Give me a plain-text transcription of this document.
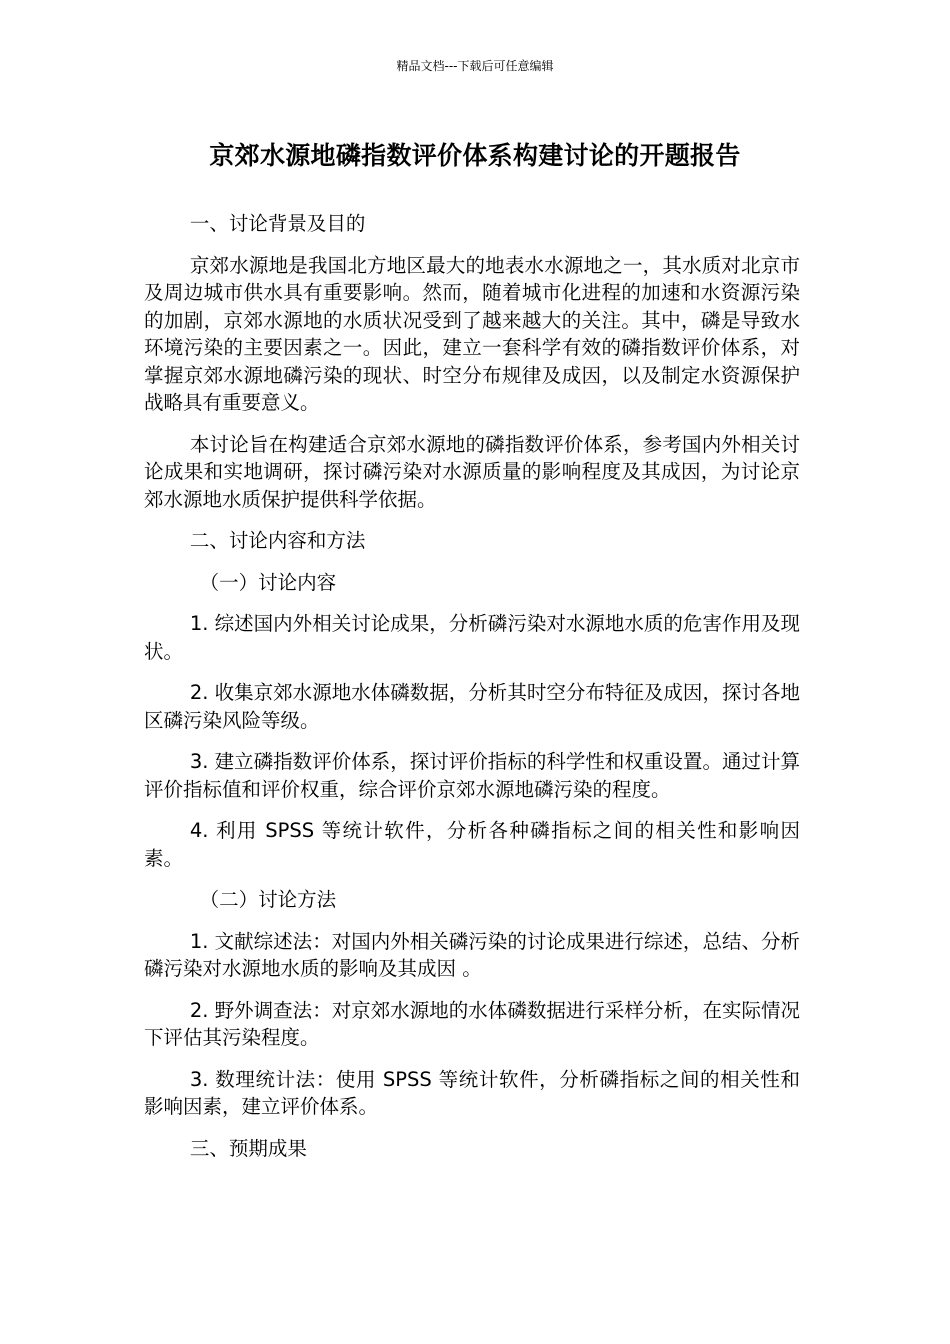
精品文档---下载后可任意编辑
京郊水源地磷指数评价体系构建讨论的开题报告

一、讨论背景及目的

京郊水源地是我国北方地区最大的地表水水源地之一，其水质对北京市及周边城市供水具有重要影响。然而，随着城市化进程的加速和水资源污染的加剧，京郊水源地的水质状况受到了越来越大的关注。其中，磷是导致水环境污染的主要因素之一。因此，建立一套科学有效的磷指数评价体系，对掌握京郊水源地磷污染的现状、时空分布规律及成因，以及制定水资源保护战略具有重要意义。

本讨论旨在构建适合京郊水源地的磷指数评价体系，参考国内外相关讨论成果和实地调研，探讨磷污染对水源质量的影响程度及其成因，为讨论京郊水源地水质保护提供科学依据。

二、讨论内容和方法

（一）讨论内容

1. 综述国内外相关讨论成果，分析磷污染对水源地水质的危害作用及现状。

2. 收集京郊水源地水体磷数据，分析其时空分布特征及成因，探讨各地区磷污染风险等级。

3. 建立磷指数评价体系，探讨评价指标的科学性和权重设置。通过计算评价指标值和评价权重，综合评价京郊水源地磷污染的程度。

4. 利用 SPSS 等统计软件，分析各种磷指标之间的相关性和影响因素。

（二）讨论方法

1. 文献综述法：对国内外相关磷污染的讨论成果进行综述，总结、分析磷污染对水源地水质的影响及其成因 。

2. 野外调查法：对京郊水源地的水体磷数据进行采样分析，在实际情况下评估其污染程度。

3. 数理统计法：使用 SPSS 等统计软件，分析磷指标之间的相关性和影响因素，建立评价体系。

三、预期成果
